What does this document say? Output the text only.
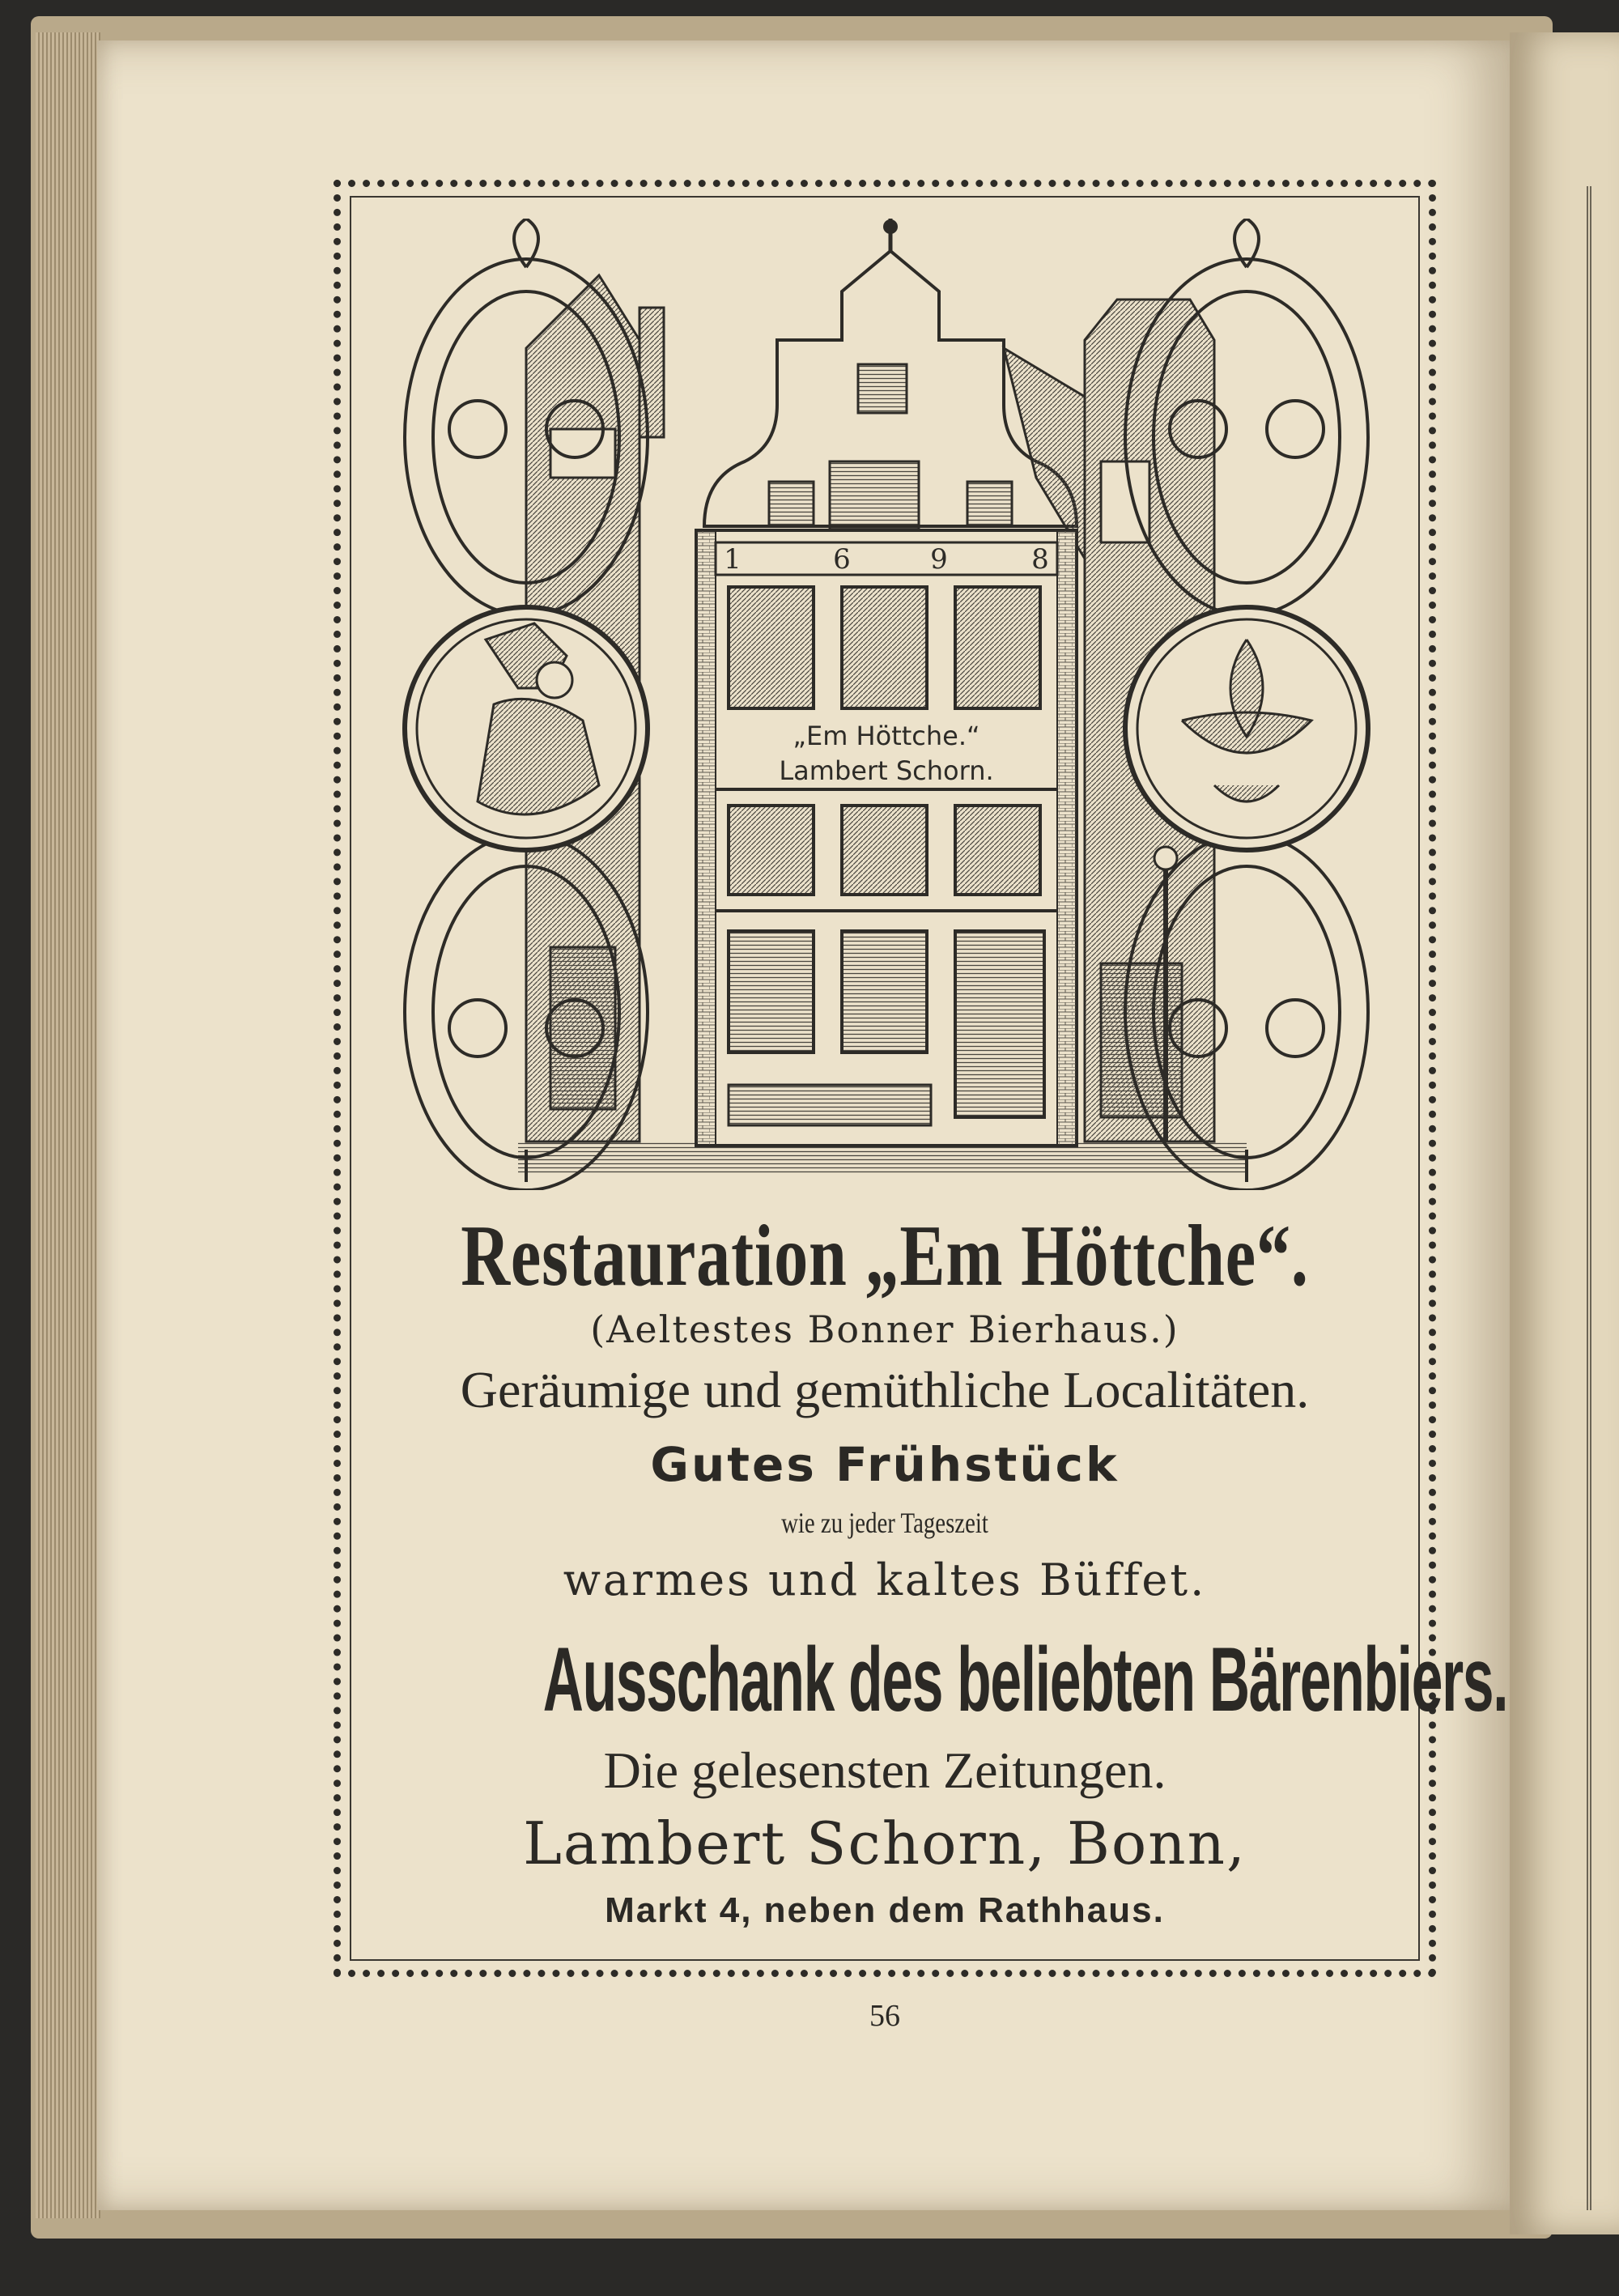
1	6	9	8
„Em Höttche.“
Lambert Schorn.
Restauration „Em Höttche“.
(Aeltestes Bonner Bierhaus.)
Geräumige und gemüthliche Localitäten.
Gutes Frühstück
wie zu jeder Tageszeit
warmes und kaltes Büffet.
Ausschank des beliebten Bärenbiers.
Die gelesensten Zeitungen.
Lambert Schorn, Bonn,
Markt 4, neben dem Rathhaus.
56
